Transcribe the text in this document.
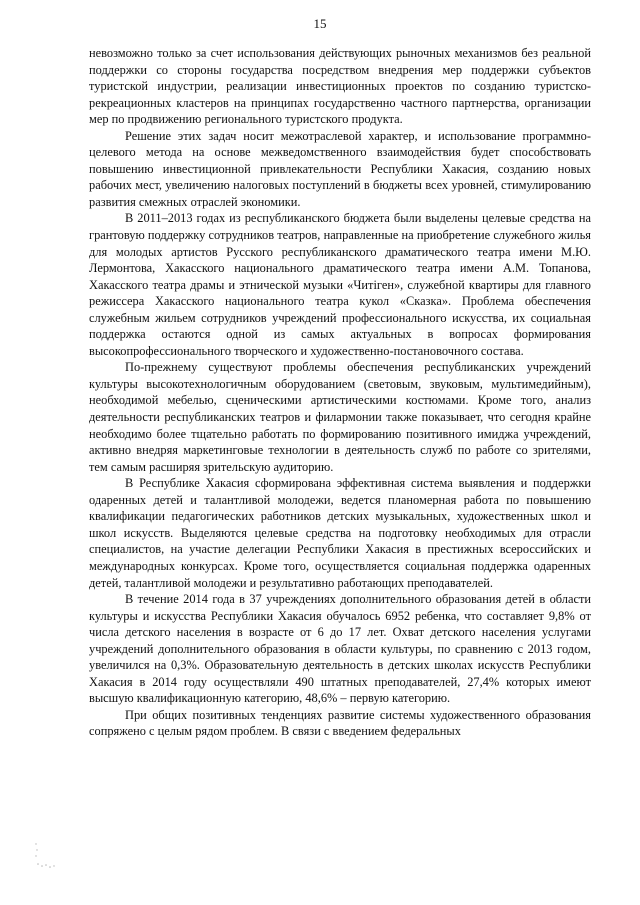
15

невозможно только за счет использования действующих рыночных механизмов без реальной поддержки со стороны государства посредством внедрения мер поддержки субъектов туристской индустрии, реализации инвестиционных проектов по созданию туристско-рекреационных кластеров на принципах государственно частного партнерства, организации мер по продвижению регионального туристского продукта.

Решение этих задач носит межотраслевой характер, и использование программно-целевого метода на основе межведомственного взаимодействия будет способствовать повышению инвестиционной привлекательности Республики Хакасия, созданию новых рабочих мест, увеличению налоговых поступлений в бюджеты всех уровней, стимулированию развития смежных отраслей экономики.

В 2011–2013 годах из республиканского бюджета были выделены целевые средства на грантовую поддержку сотрудников театров, направленные на приобретение служебного жилья для молодых артистов Русского республиканского драматического театра имени М.Ю. Лермонтова, Хакасского национального драматического театра имени А.М. Топанова, Хакасского театра драмы и этнической музыки «Читiген», служебной квартиры для главного режиссера Хакасского национального театра кукол «Сказка». Проблема обеспечения служебным жильем сотрудников учреждений профессионального искусства, их социальная поддержка остаются одной из самых актуальных в вопросах формирования высокопрофессионального творческого и художественно-постановочного состава.

По-прежнему существуют проблемы обеспечения республиканских учреждений культуры высокотехнологичным оборудованием (световым, звуковым, мультимедийным), необходимой мебелью, сценическими артистическими костюмами. Кроме того, анализ деятельности республиканских театров и филармонии также показывает, что сегодня крайне необходимо более тщательно работать по формированию позитивного имиджа учреждений, активно внедряя маркетинговые технологии в деятельность служб по работе со зрителями, тем самым расширяя зрительскую аудиторию.

В Республике Хакасия сформирована эффективная система выявления и поддержки одаренных детей и талантливой молодежи, ведется планомерная работа по повышению квалификации педагогических работников детских музыкальных, художественных школ и школ искусств. Выделяются целевые средства на подготовку необходимых для отрасли специалистов, на участие делегации Республики Хакасия в престижных всероссийских и международных конкурсах. Кроме того, осуществляется социальная поддержка одаренных детей, талантливой молодежи и результативно работающих преподавателей.

В течение 2014 года в 37 учреждениях дополнительного образования детей в области культуры и искусства Республики Хакасия обучалось 6952 ребенка, что составляет 9,8% от числа детского населения в возрасте от 6 до 17 лет. Охват детского населения услугами учреждений дополнительного образования в области культуры, по сравнению с 2013 годом, увеличился на 0,3%. Образовательную деятельность в детских школах искусств Республики Хакасия в 2014 году осуществляли 490 штатных преподавателей, 27,4% которых имеют высшую квалификационную категорию, 48,6% – первую категорию.

При общих позитивных тенденциях развитие системы художественного образования сопряжено с целым рядом проблем. В связи с введением федеральных
